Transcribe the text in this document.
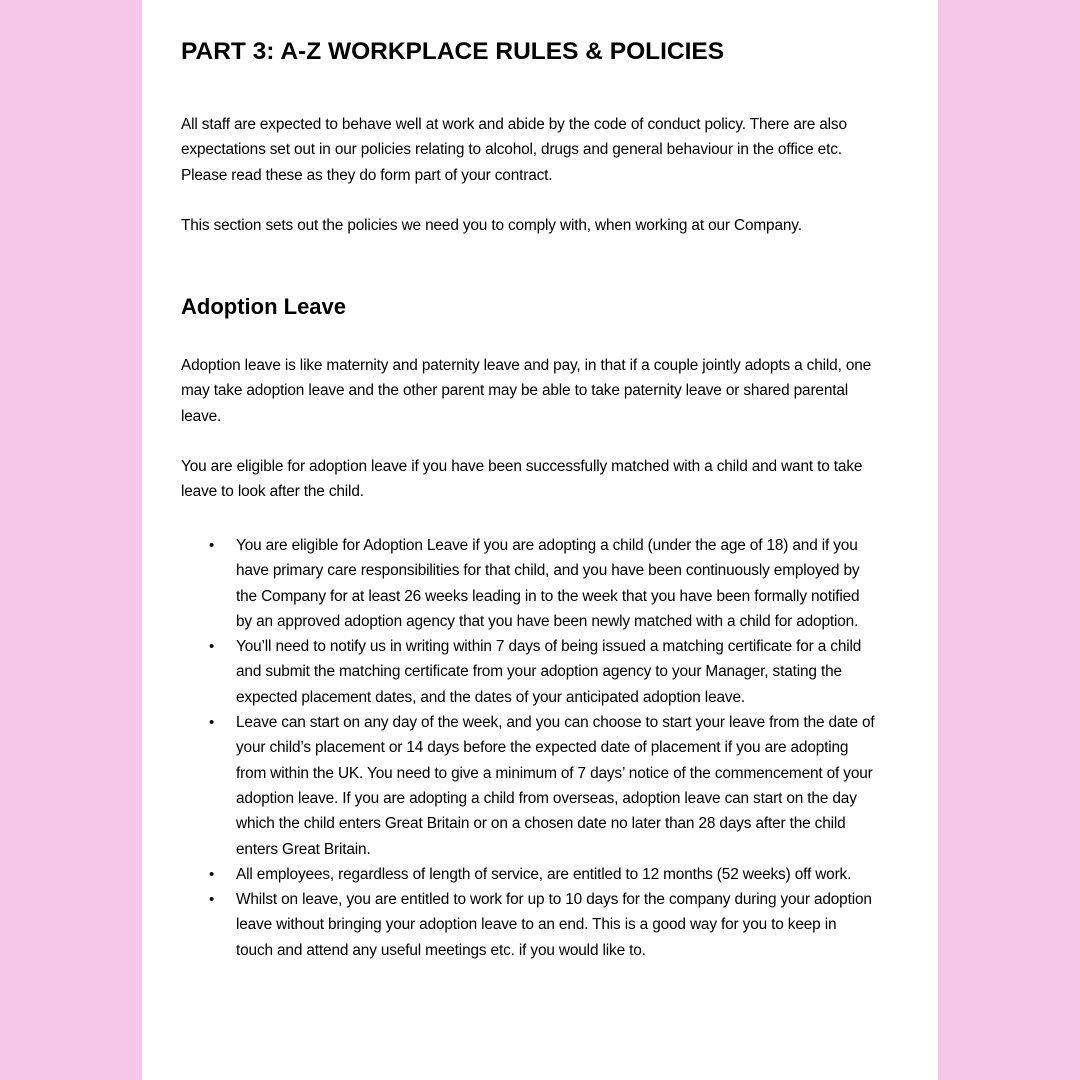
PART 3: A-Z WORKPLACE RULES & POLICIES

All staff are expected to behave well at work and abide by the code of conduct policy. There are also expectations set out in our policies relating to alcohol, drugs and general behaviour in the office etc. Please read these as they do form part of your contract.

This section sets out the policies we need you to comply with, when working at our Company.

Adoption Leave

Adoption leave is like maternity and paternity leave and pay, in that if a couple jointly adopts a child, one may take adoption leave and the other parent may be able to take paternity leave or shared parental leave.

You are eligible for adoption leave if you have been successfully matched with a child and want to take leave to look after the child.

• You are eligible for Adoption Leave if you are adopting a child (under the age of 18) and if you have primary care responsibilities for that child, and you have been continuously employed by the Company for at least 26 weeks leading in to the week that you have been formally notified by an approved adoption agency that you have been newly matched with a child for adoption.
• You’ll need to notify us in writing within 7 days of being issued a matching certificate for a child and submit the matching certificate from your adoption agency to your Manager, stating the expected placement dates, and the dates of your anticipated adoption leave.
• Leave can start on any day of the week, and you can choose to start your leave from the date of your child’s placement or 14 days before the expected date of placement if you are adopting from within the UK. You need to give a minimum of 7 days’ notice of the commencement of your adoption leave. If you are adopting a child from overseas, adoption leave can start on the day which the child enters Great Britain or on a chosen date no later than 28 days after the child enters Great Britain.
• All employees, regardless of length of service, are entitled to 12 months (52 weeks) off work.
• Whilst on leave, you are entitled to work for up to 10 days for the company during your adoption leave without bringing your adoption leave to an end. This is a good way for you to keep in touch and attend any useful meetings etc. if you would like to.
